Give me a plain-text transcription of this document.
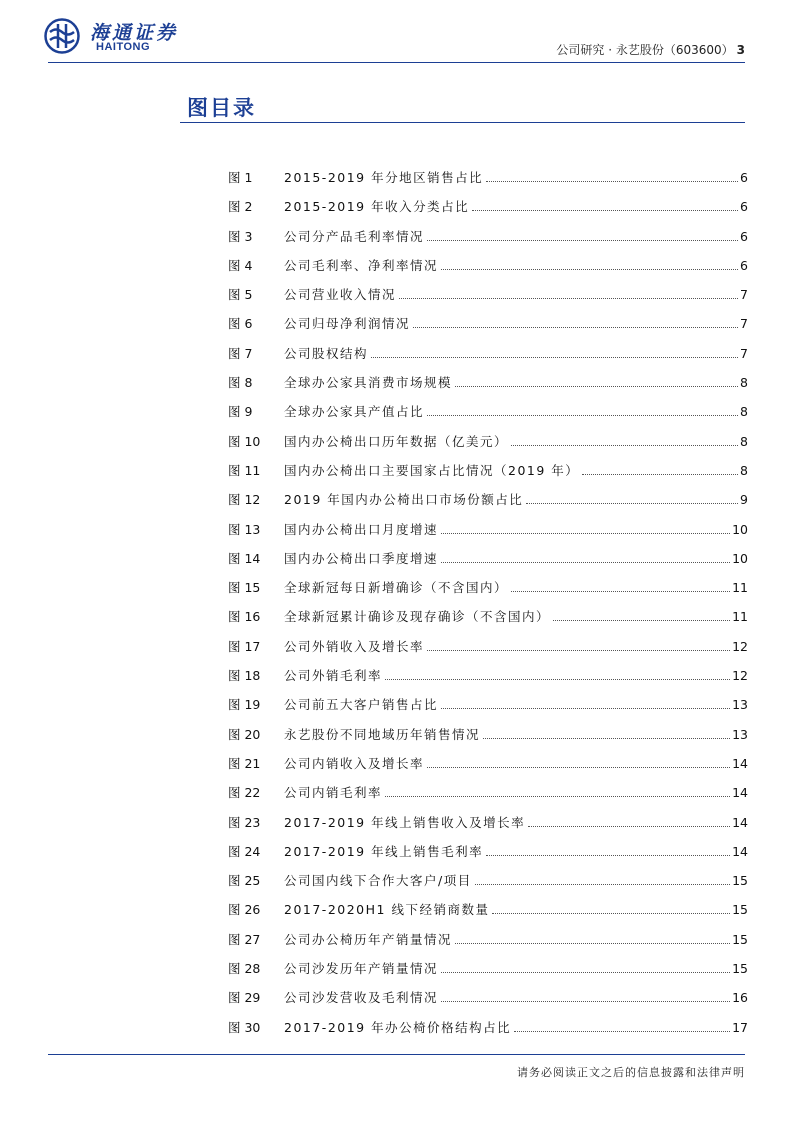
海通证券
HAITONG	公司研究 · 永艺股份（603600） 3
图目录
图 1	2015-2019 年分地区销售占比	6
图 2	2015-2019 年收入分类占比	6
图 3	公司分产品毛利率情况	6
图 4	公司毛利率、净利率情况	6
图 5	公司营业收入情况	7
图 6	公司归母净利润情况	7
图 7	公司股权结构	7
图 8	全球办公家具消费市场规模	8
图 9	全球办公家具产值占比	8
图 10	国内办公椅出口历年数据（亿美元）	8
图 11	国内办公椅出口主要国家占比情况（2019 年）	8
图 12	2019 年国内办公椅出口市场份额占比	9
图 13	国内办公椅出口月度增速	10
图 14	国内办公椅出口季度增速	10
图 15	全球新冠每日新增确诊（不含国内）	11
图 16	全球新冠累计确诊及现存确诊（不含国内）	11
图 17	公司外销收入及增长率	12
图 18	公司外销毛利率	12
图 19	公司前五大客户销售占比	13
图 20	永艺股份不同地域历年销售情况	13
图 21	公司内销收入及增长率	14
图 22	公司内销毛利率	14
图 23	2017-2019 年线上销售收入及增长率	14
图 24	2017-2019 年线上销售毛利率	14
图 25	公司国内线下合作大客户/项目	15
图 26	2017-2020H1 线下经销商数量	15
图 27	公司办公椅历年产销量情况	15
图 28	公司沙发历年产销量情况	15
图 29	公司沙发营收及毛利情况	16
图 30	2017-2019 年办公椅价格结构占比	17
请务必阅读正文之后的信息披露和法律声明
